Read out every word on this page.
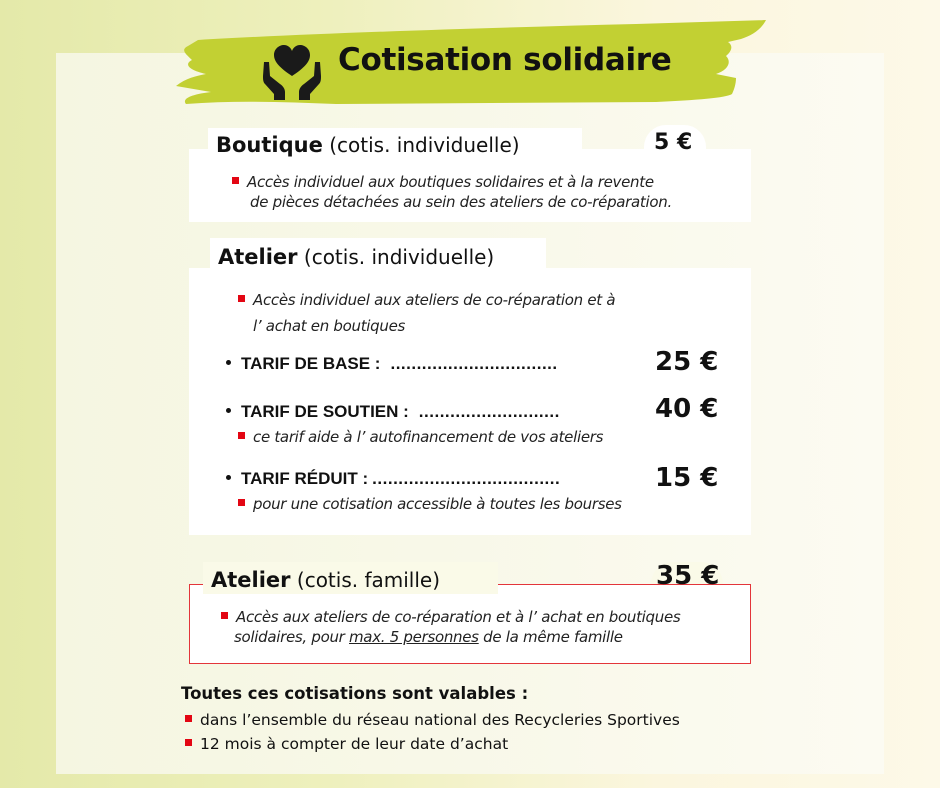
Cotisation solidaire
Boutique (cotis. individuelle)	5 €
Accès individuel aux boutiques solidaires et à la revente
de pièces détachées au sein des ateliers de co-réparation.
Atelier (cotis. individuelle)
Accès individuel aux ateliers de co-réparation et à
l’ achat en boutiques
TARIF DE BASE : ................................	25 €
TARIF DE SOUTIEN : ...........................	40 €
ce tarif aide à l’ autofinancement de vos ateliers
TARIF RÉDUIT : ....................................	15 €
pour une cotisation accessible à toutes les bourses
Atelier (cotis. famille)	35 €
Accès aux ateliers de co-réparation et à l’ achat en boutiques
solidaires, pour max. 5 personnes de la même famille
Toutes ces cotisations sont valables :
dans l’ensemble du réseau national des Recycleries Sportives
12 mois à compter de leur date d’achat
